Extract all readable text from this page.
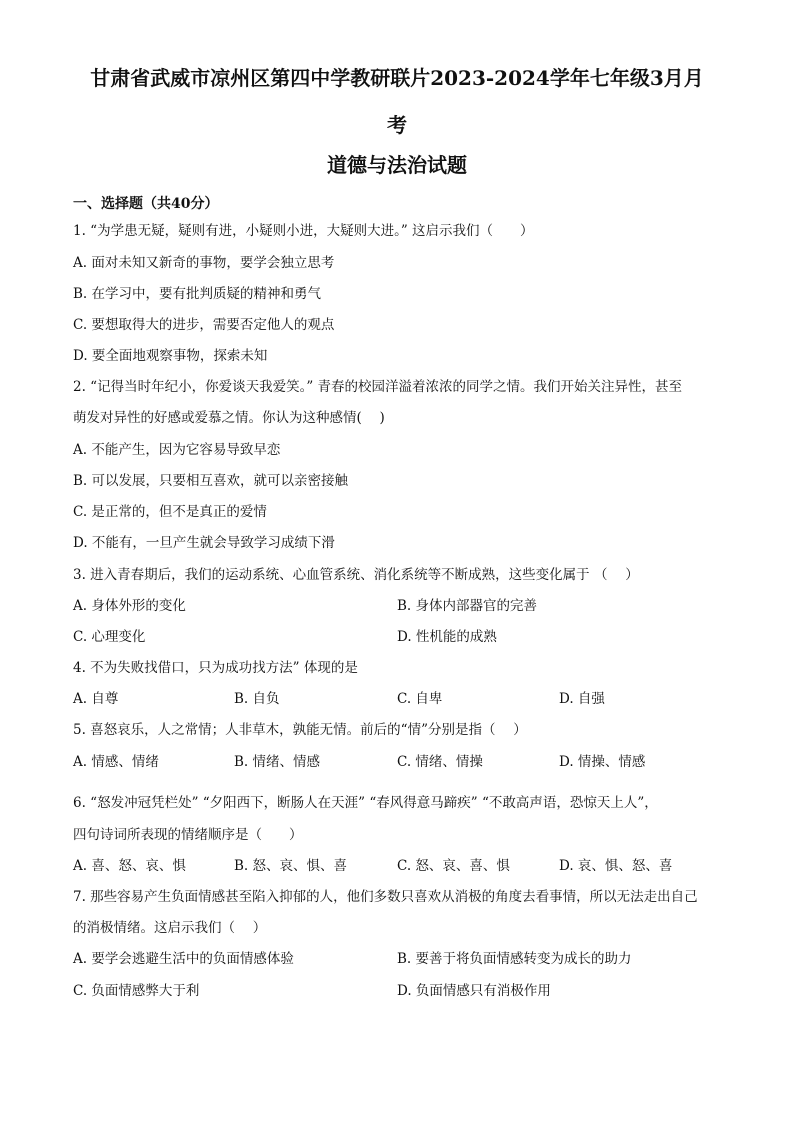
甘肃省武威市凉州区第四中学教研联片2023-2024学年七年级3月月
考
道德与法治试题
一、选择题（共40分）
1. “为学患无疑，疑则有进，小疑则小进，大疑则大进。” 这启示我们（　　）
A. 面对未知又新奇的事物，要学会独立思考
B. 在学习中，要有批判质疑的精神和勇气
C. 要想取得大的进步，需要否定他人的观点
D. 要全面地观察事物，探索未知
2. “记得当时年纪小，你爱谈天我爱笑。” 青春的校园洋溢着浓浓的同学之情。我们开始关注异性，甚至
萌发对异性的好感或爱慕之情。你认为这种感情(　 )
A. 不能产生，因为它容易导致早恋
B. 可以发展，只要相互喜欢，就可以亲密接触
C. 是正常的，但不是真正的爱情
D. 不能有，一旦产生就会导致学习成绩下滑
3. 进入青春期后，我们的运动系统、心血管系统、消化系统等不断成熟，这些变化属于 （　 ）
A. 身体外形的变化	B. 身体内部器官的完善
C. 心理变化	D. 性机能的成熟
4. 不为失败找借口，只为成功找方法” 体现的是
A. 自尊	B. 自负	C. 自卑	D. 自强
5. 喜怒哀乐，人之常情；人非草木，孰能无情。前后的“情”分别是指（　 ）
A. 情感、情绪	B. 情绪、情感	C. 情绪、情操	D. 情操、情感
6. “怒发冲冠凭栏处” “夕阳西下，断肠人在天涯” “春风得意马蹄疾” “不敢高声语，恐惊天上人”，
四句诗词所表现的情绪顺序是（　　）
A. 喜、怒、哀、惧	B. 怒、哀、惧、喜	C. 怒、哀、喜、惧	D. 哀、惧、怒、喜
7. 那些容易产生负面情感甚至陷入抑郁的人，他们多数只喜欢从消极的角度去看事情，所以无法走出自己
的消极情绪。这启示我们（　 ）
A. 要学会逃避生活中的负面情感体验	B. 要善于将负面情感转变为成长的助力
C. 负面情感弊大于利	D. 负面情感只有消极作用
